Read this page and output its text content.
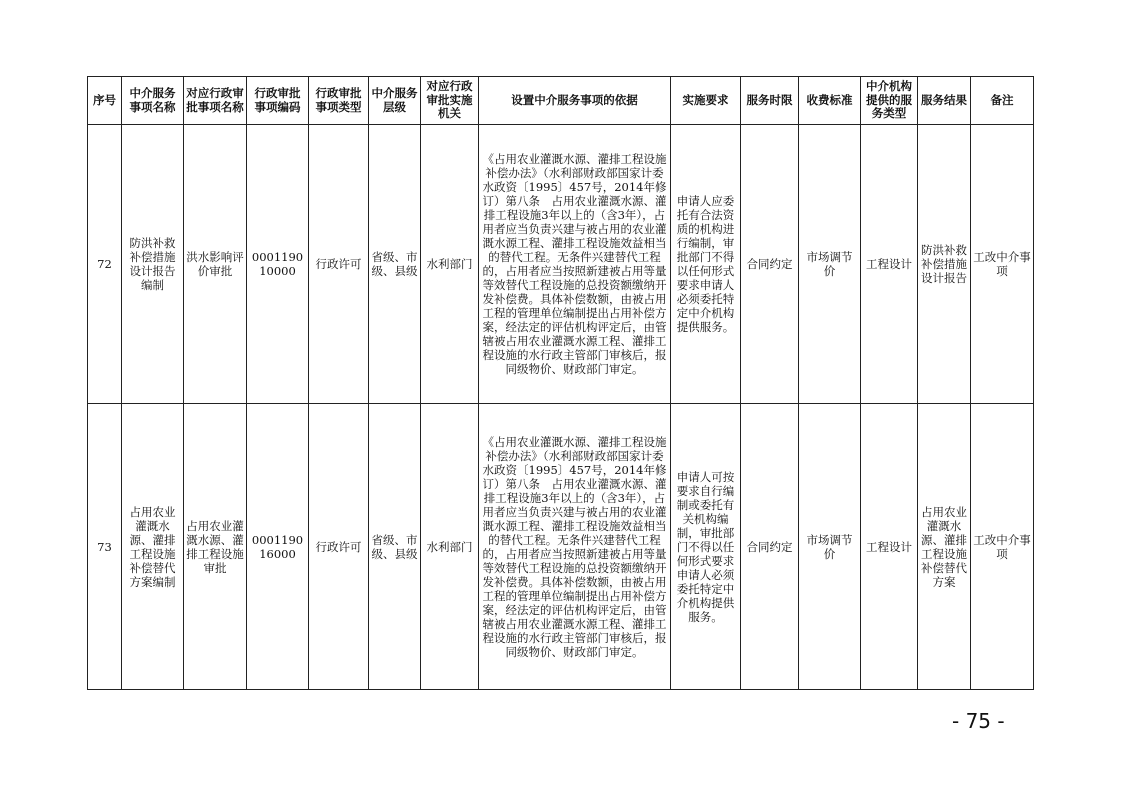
序号	中介服务事项名称	对应行政审批事项名称	行政审批事项编码	行政审批事项类型	中介服务层级	对应行政审批实施机关	设置中介服务事项的依据	实施要求	服务时限	收费标准	中介机构提供的服务类型	服务结果	备注
72	防洪补救补偿措施设计报告编制	洪水影响评价审批	000119010000	行政许可	省级、市级、县级	水利部门	《占用农业灌溉水源、灌排工程设施补偿办法》（水利部财政部国家计委水政资〔1995〕457号，2014年修订）第八条　占用农业灌溉水源、灌排工程设施3年以上的（含3年），占用者应当负责兴建与被占用的农业灌溉水源工程、灌排工程设施效益相当的替代工程。无条件兴建替代工程的，占用者应当按照新建被占用等量等效替代工程设施的总投资额缴纳开发补偿费。具体补偿数额，由被占用工程的管理单位编制提出占用补偿方案，经法定的评估机构评定后，由管辖被占用农业灌溉水源工程、灌排工程设施的水行政主管部门审核后，报同级物价、财政部门审定。	申请人应委托有合法资质的机构进行编制，审批部门不得以任何形式要求申请人必须委托特定中介机构提供服务。	合同约定	市场调节价	工程设计	防洪补救补偿措施设计报告	工改中介事项
73	占用农业灌溉水源、灌排工程设施补偿替代方案编制	占用农业灌溉水源、灌排工程设施审批	000119016000	行政许可	省级、市级、县级	水利部门	《占用农业灌溉水源、灌排工程设施补偿办法》（水利部财政部国家计委水政资〔1995〕457号，2014年修订）第八条　占用农业灌溉水源、灌排工程设施3年以上的（含3年），占用者应当负责兴建与被占用的农业灌溉水源工程、灌排工程设施效益相当的替代工程。无条件兴建替代工程的，占用者应当按照新建被占用等量等效替代工程设施的总投资额缴纳开发补偿费。具体补偿数额，由被占用工程的管理单位编制提出占用补偿方案，经法定的评估机构评定后，由管辖被占用农业灌溉水源工程、灌排工程设施的水行政主管部门审核后，报同级物价、财政部门审定。	申请人可按要求自行编制或委托有关机构编制，审批部门不得以任何形式要求申请人必须委托特定中介机构提供服务。	合同约定	市场调节价	工程设计	占用农业灌溉水源、灌排工程设施补偿替代方案	工改中介事项
- 75 -
